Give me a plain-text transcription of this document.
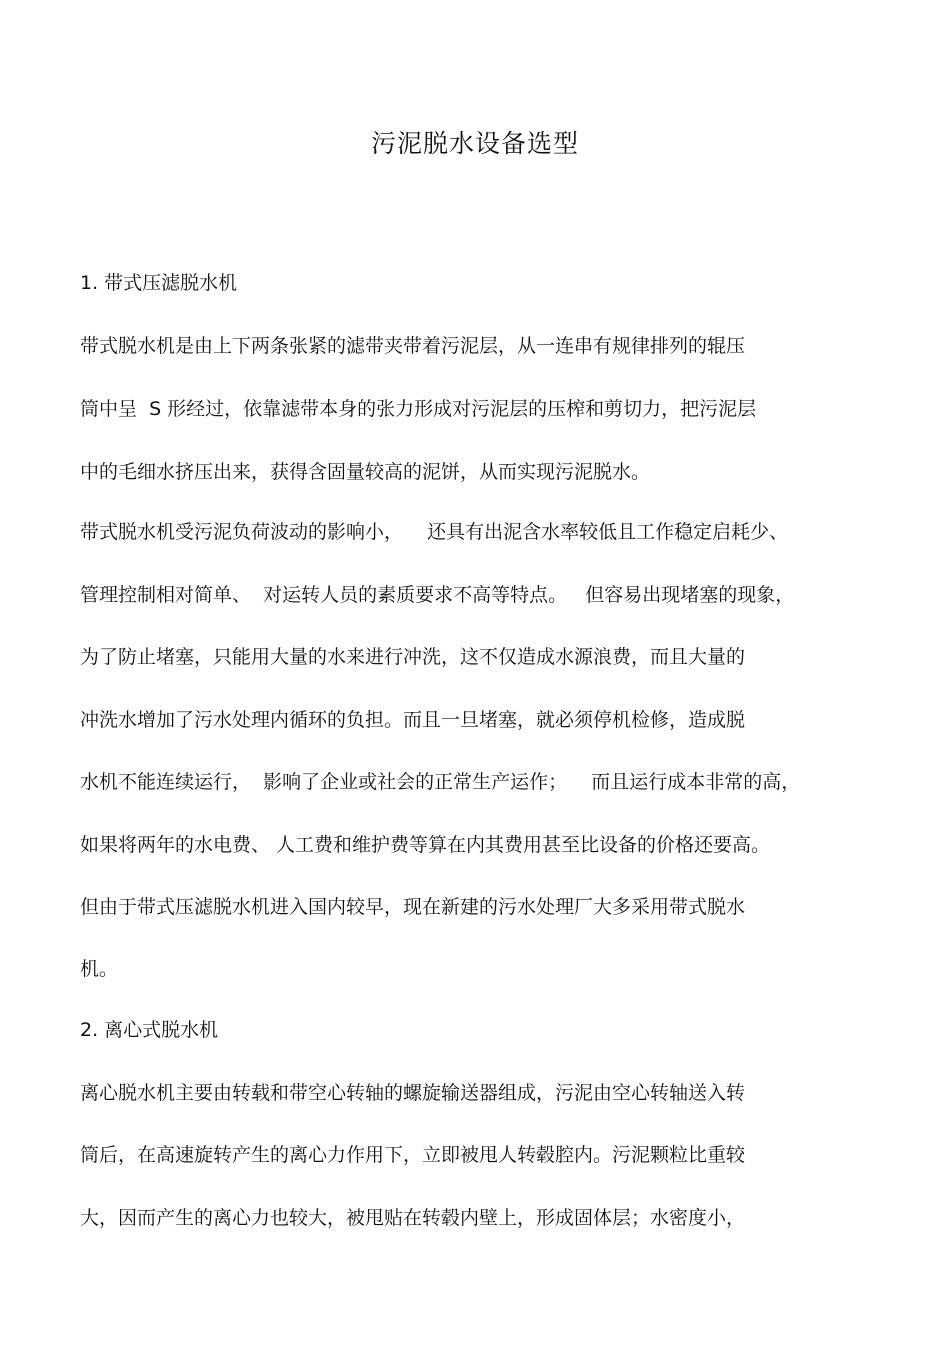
污泥脱水设备选型
1. 带式压滤脱水机
带式脱水机是由上下两条张紧的滤带夹带着污泥层，从一连串有规律排列的辊压
筒中呈  S 形经过，依靠滤带本身的张力形成对污泥层的压榨和剪切力，把污泥层
中的毛细水挤压出来，获得含固量较高的泥饼，从而实现污泥脱水。
带式脱水机受污泥负荷波动的影响小，    还具有出泥含水率较低且工作稳定启耗少、
管理控制相对简单、  对运转人员的素质要求不高等特点。   但容易出现堵塞的现象，
为了防止堵塞，只能用大量的水来进行冲洗，这不仅造成水源浪费，而且大量的
冲洗水增加了污水处理内循环的负担。而且一旦堵塞，就必须停机检修，造成脱
水机不能连续运行，  影响了企业或社会的正常生产运作；    而且运行成本非常的高，
如果将两年的水电费、 人工费和维护费等算在内其费用甚至比设备的价格还要高。
但由于带式压滤脱水机进入国内较早，现在新建的污水处理厂大多采用带式脱水
机。
2. 离心式脱水机
离心脱水机主要由转载和带空心转轴的螺旋输送器组成，污泥由空心转轴送入转
筒后，在高速旋转产生的离心力作用下，立即被甩人转毂腔内。污泥颗粒比重较
大，因而产生的离心力也较大，被甩贴在转毂内壁上，形成固体层；水密度小，
